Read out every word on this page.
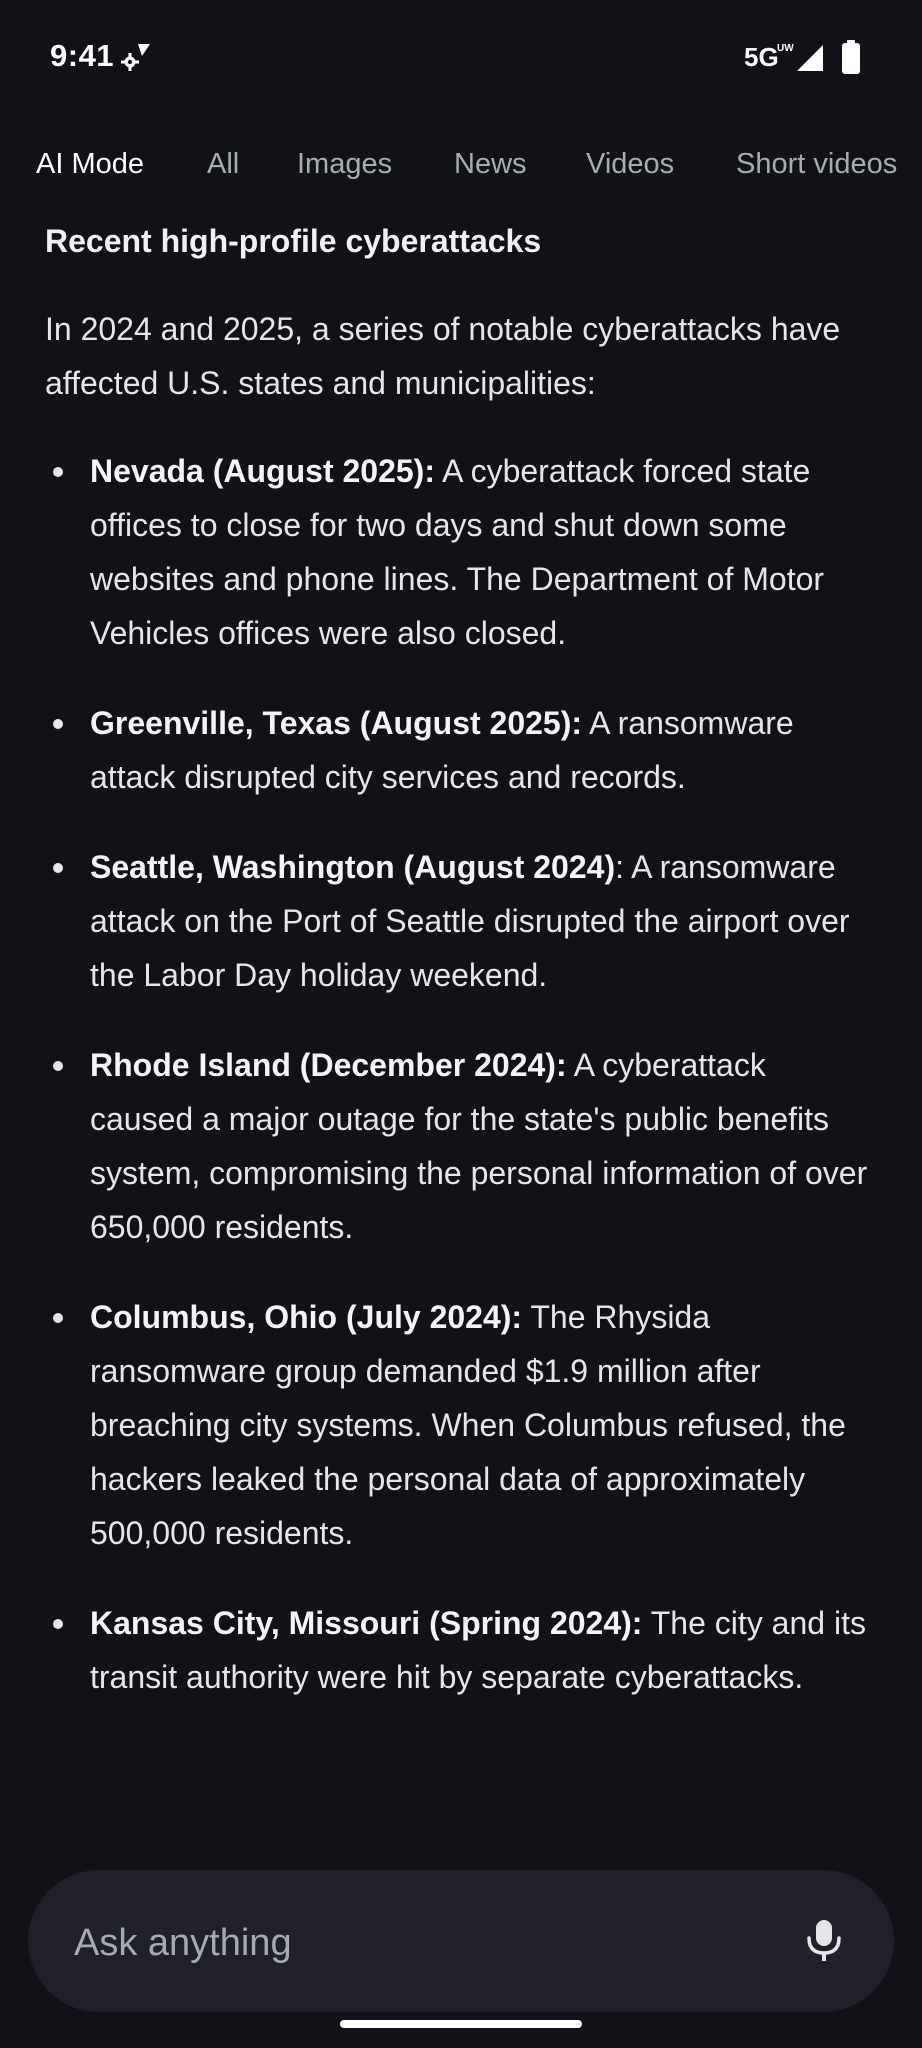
9:41	5G
UW
AI Mode All Images News Videos Short videos
Recent high-profile cyberattacks

In 2024 and 2025, a series of notable cyberattacks have affected U.S. states and municipalities:

Nevada (August 2025): A cyberattack forced state offices to close for two days and shut down some websites and phone lines. The Department of Motor Vehicles offices were also closed.
Greenville, Texas (August 2025): A ransomware attack disrupted city services and records.
Seattle, Washington (August 2024): A ransomware attack on the Port of Seattle disrupted the airport over the Labor Day holiday weekend.
Rhode Island (December 2024): A cyberattack caused a major outage for the state's public benefits system, compromising the personal information of over 650,000 residents.
Columbus, Ohio (July 2024): The Rhysida ransomware group demanded $1.9 million after breaching city systems. When Columbus refused, the hackers leaked the personal data of approximately 500,000 residents.
Kansas City, Missouri (Spring 2024): The city and its transit authority were hit by separate cyberattacks.
Ask anything
